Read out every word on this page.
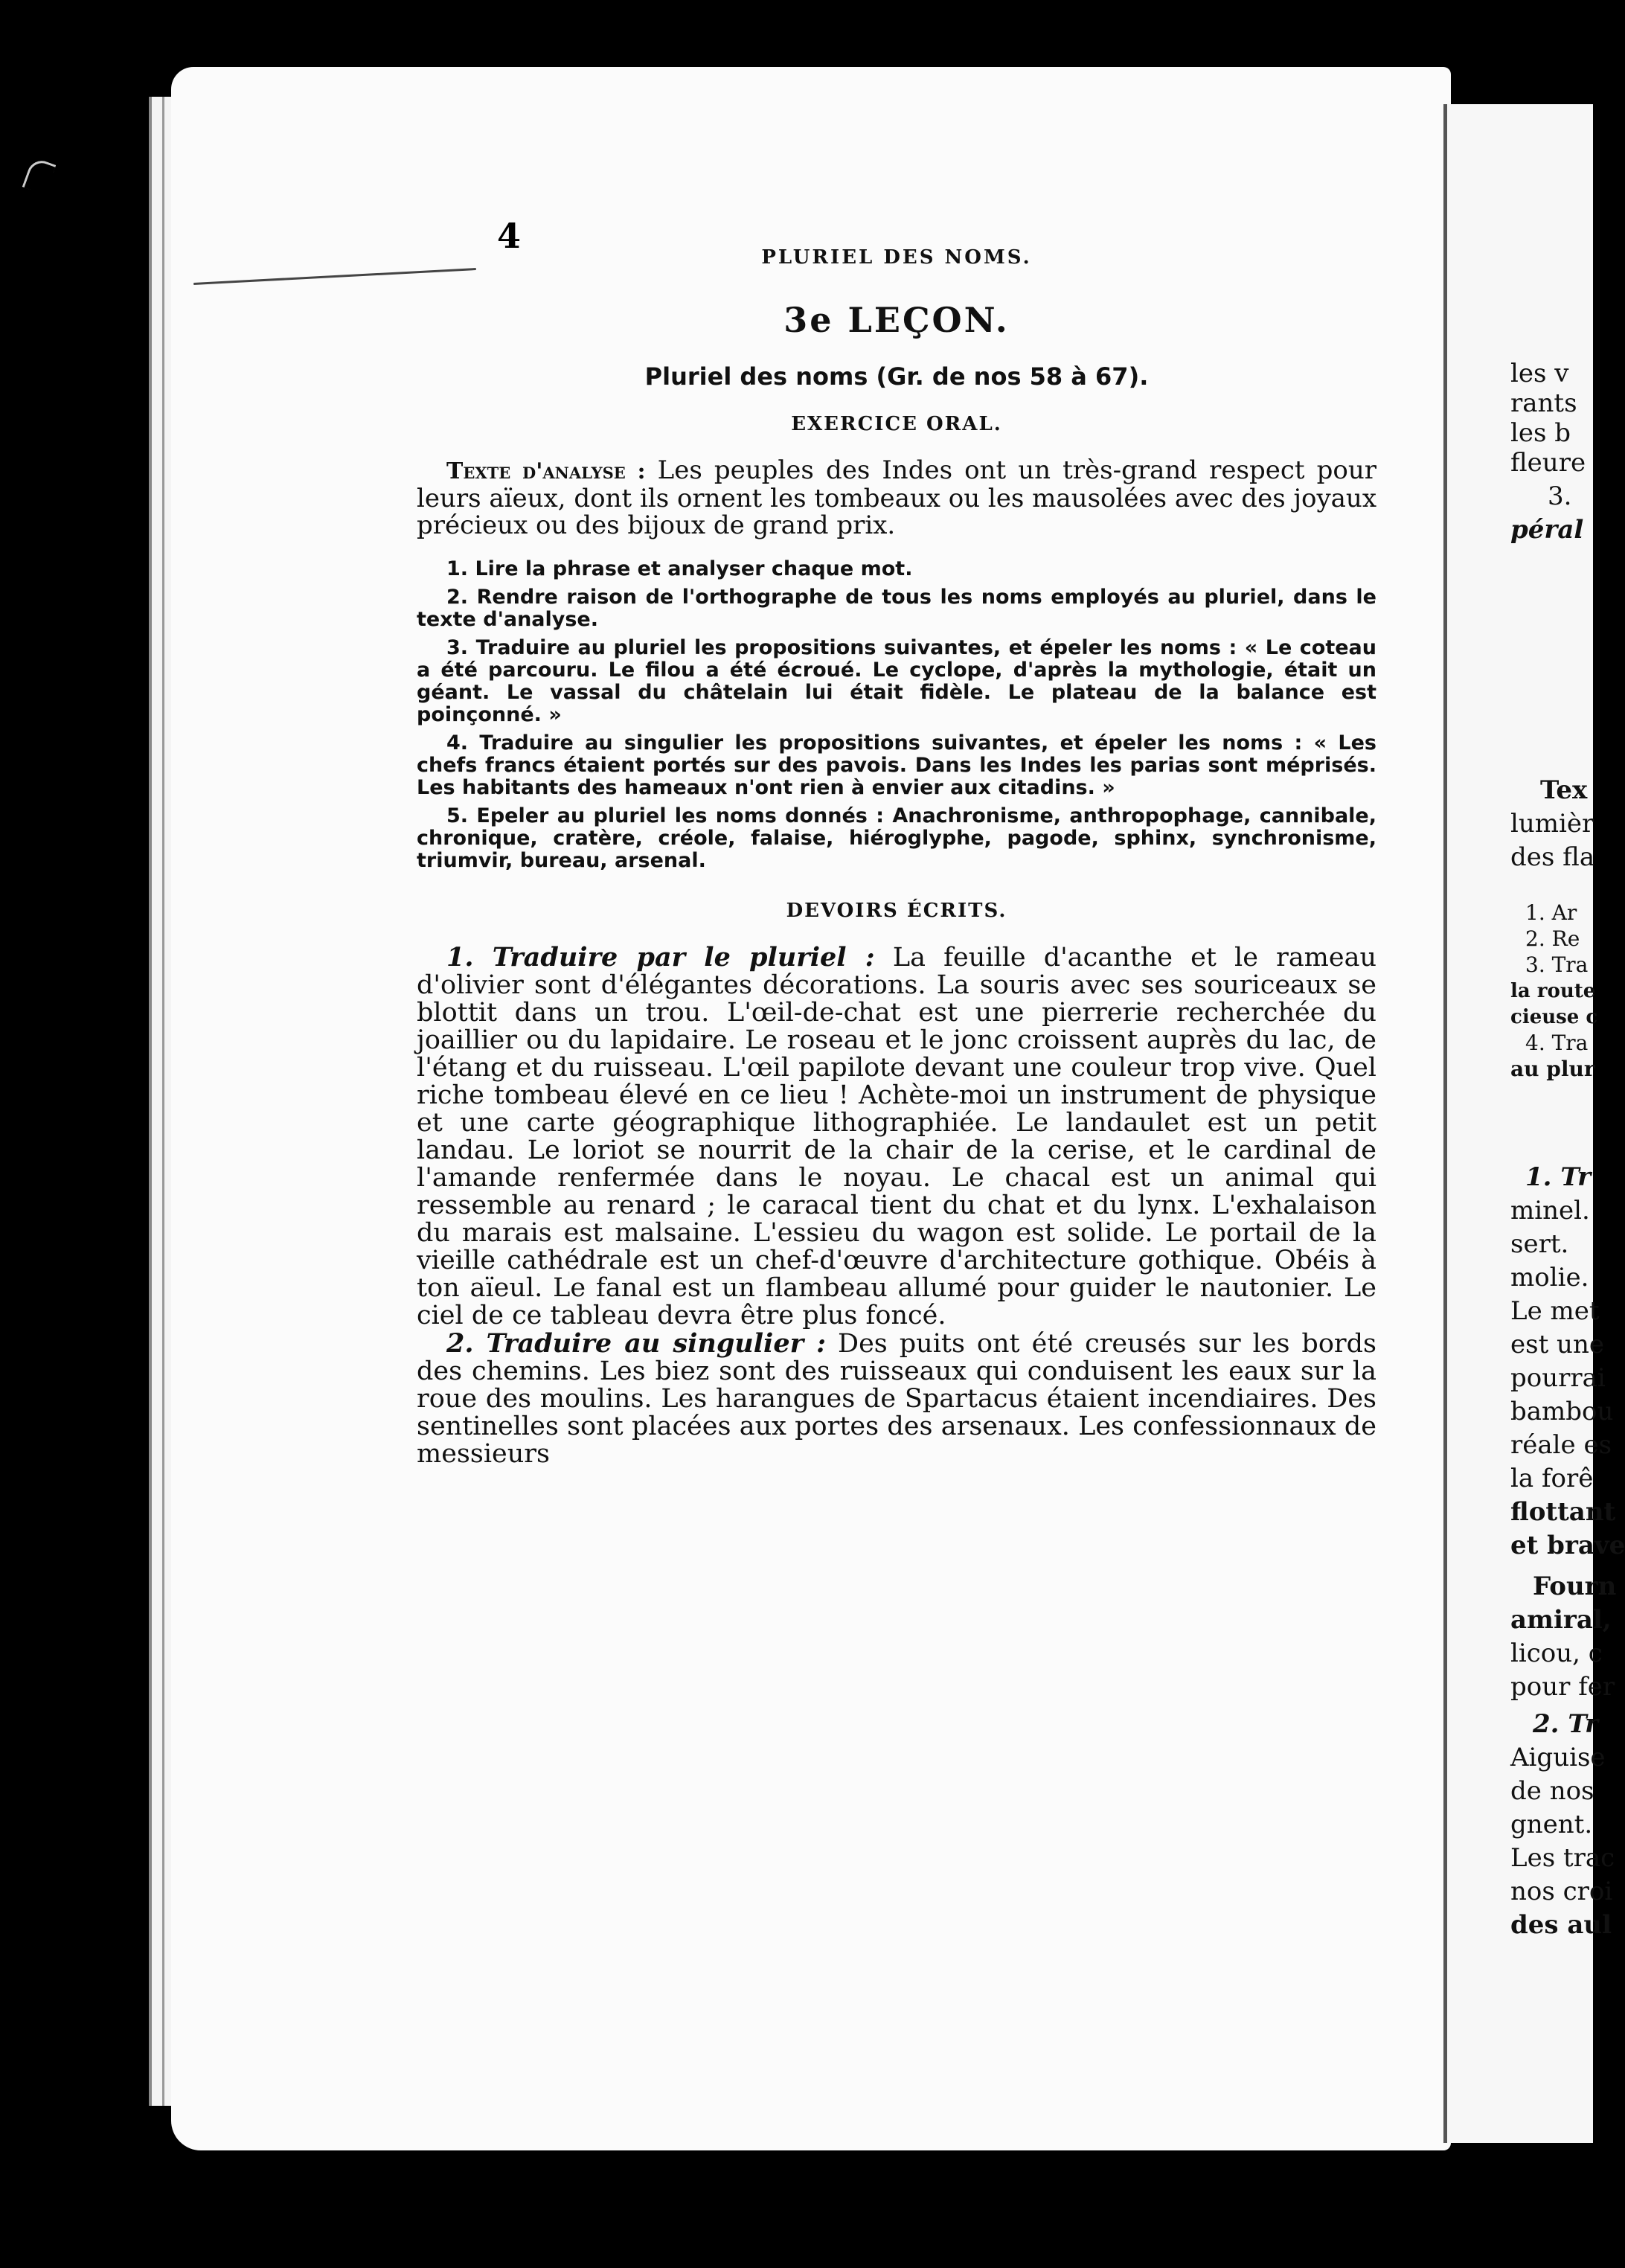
4
PLURIEL DES NOMS.
3e LEÇON.
Pluriel des noms (Gr. de nos 58 à 67).
EXERCICE ORAL.

Texte d'analyse : Les peuples des Indes ont un très-grand respect pour leurs aïeux, dont ils ornent les tombeaux ou les mausolées avec des joyaux précieux ou des bijoux de grand prix.

1. Lire la phrase et analyser chaque mot.

2. Rendre raison de l'orthographe de tous les noms employés au pluriel, dans le texte d'analyse.

3. Traduire au pluriel les propositions suivantes, et épeler les noms : « Le coteau a été parcouru. Le filou a été écroué. Le cyclope, d'après la mythologie, était un géant. Le vassal du châtelain lui était fidèle. Le plateau de la balance est poinçonné. »

4. Traduire au singulier les propositions suivantes, et épeler les noms : « Les chefs francs étaient portés sur des pavois. Dans les Indes les parias sont méprisés. Les habitants des hameaux n'ont rien à envier aux citadins. »

5. Epeler au pluriel les noms donnés : Anachronisme, anthropophage, cannibale, chronique, cratère, créole, falaise, hiéroglyphe, pagode, sphinx, synchronisme, triumvir, bureau, arsenal.

DEVOIRS ÉCRITS.

1. Traduire par le pluriel : La feuille d'acanthe et le rameau d'olivier sont d'élégantes décorations. La souris avec ses souriceaux se blottit dans un trou. L'œil-de-chat est une pierrerie recherchée du joaillier ou du lapidaire. Le roseau et le jonc croissent auprès du lac, de l'étang et du ruisseau. L'œil papilote devant une couleur trop vive. Quel riche tombeau élevé en ce lieu ! Achète-moi un instrument de physique et une carte géographique lithographiée. Le landaulet est un petit landau. Le loriot se nourrit de la chair de la cerise, et le cardinal de l'amande renfermée dans le noyau. Le chacal est un animal qui ressemble au renard ; le caracal tient du chat et du lynx. L'exhalaison du marais est malsaine. L'essieu du wagon est solide. Le portail de la vieille cathédrale est un chef-d'œuvre d'architecture gothique. Obéis à ton aïeul. Le fanal est un flambeau allumé pour guider le nautonier. Le ciel de ce tableau devra être plus foncé.

2. Traduire au singulier : Des puits ont été creusés sur les bords des chemins. Les biez sont des ruisseaux qui conduisent les eaux sur la roue des moulins. Les harangues de Spartacus étaient incendiaires. Des sentinelles sont placées aux portes des arsenaux. Les confessionnaux de messieurs

les v
rants
les b
fleure
3.
péral
Tex
lumièr
des fla
1. Ar
2. Re
3. Tra
la route
cieuse c
4. Tra
au plur
1. Tr
minel.
sert.
molie.
Le met
est une
pourrai
bambou
réale es
la forê
flottant
et brave
Fourn
amiral,
licou, c
pour fer
2. Tr
Aiguise
de nos
gnent.
Les trac
nos croi
des aul
